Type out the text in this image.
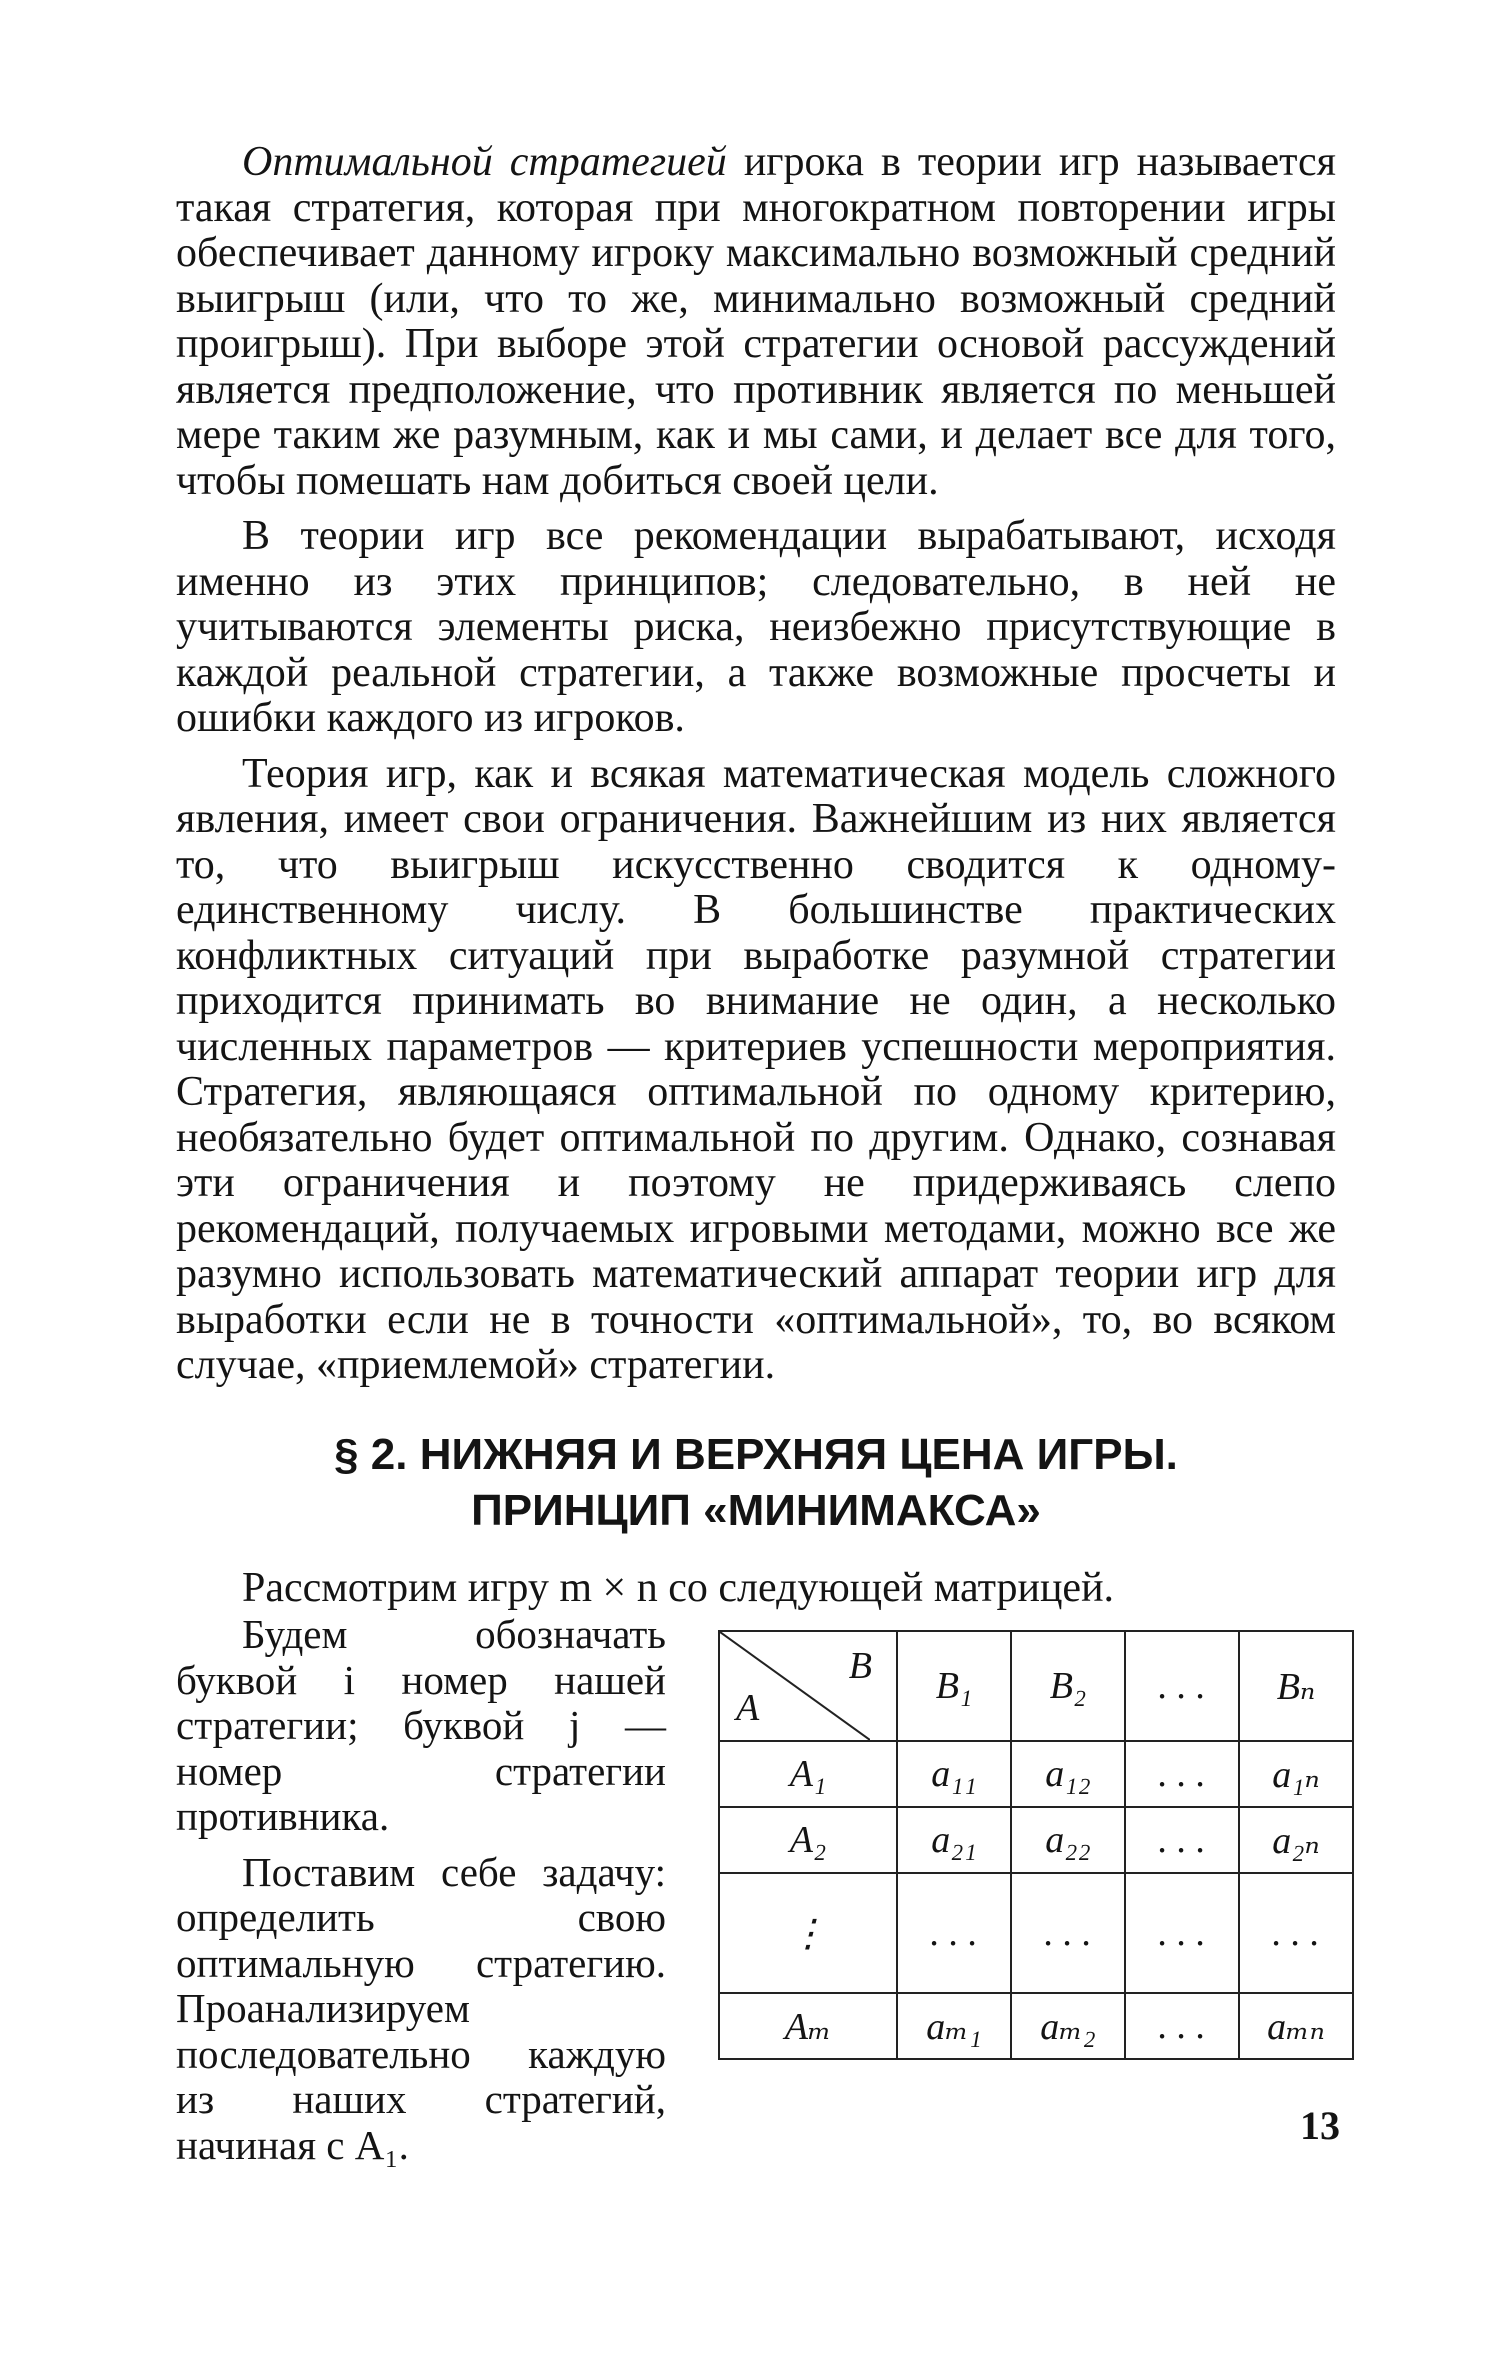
Оптимальной стратегией игрока в теории игр называется такая стратегия, которая при многократном повторении игры обеспечивает данному игроку максимально возможный средний выигрыш (или, что то же, минимально возможный средний проигрыш). При выборе этой стратегии основой рассуждений является предположение, что противник является по меньшей мере таким же разумным, как и мы сами, и делает все для того, чтобы помешать нам добиться своей цели.

В теории игр все рекомендации вырабатывают, исходя именно из этих принципов; следовательно, в ней не учитываются элементы риска, неизбежно присутствующие в каждой реальной стратегии, а также возможные просчеты и ошибки каждого из игроков.

Теория игр, как и всякая математическая модель сложного явления, имеет свои ограничения. Важнейшим из них является то, что выигрыш искусственно сводится к одному-единственному числу. В большинстве практических конфликтных ситуаций при выработке разумной стратегии приходится принимать во внимание не один, а несколько численных параметров — критериев успешности мероприятия. Стратегия, являющаяся оптимальной по одному критерию, необязательно будет оптимальной по другим. Однако, сознавая эти ограничения и поэтому не придерживаясь слепо рекомендаций, получаемых игровыми методами, можно все же разумно использовать математический аппарат теории игр для выработки если не в точности «оптимальной», то, во всяком случае, «приемлемой» стратегии.

§ 2. НИЖНЯЯ И ВЕРХНЯЯ ЦЕНА ИГРЫ.
ПРИНЦИП «МИНИМАКСА»
Рассмотрим игру m × n со следующей матрицей.

Будем обозначать буквой i номер нашей стратегии; буквой j — номер стратегии противника.

Поставим себе задачу: определить свою оптимальную стратегию. Проанализируем последовательно каждую из наших стратегий, начиная с A₁.

B
A	B₁	B₂	. . .	Bₙ
A₁	a₁₁	a₁₂	. . .	a₁ₙ
A₂	a₂₁	a₂₂	. . .	a₂ₙ
⋮	. . .	. . .	. . .	. . .
Aₘ	aₘ₁	aₘ₂	. . .	aₘₙ
13
